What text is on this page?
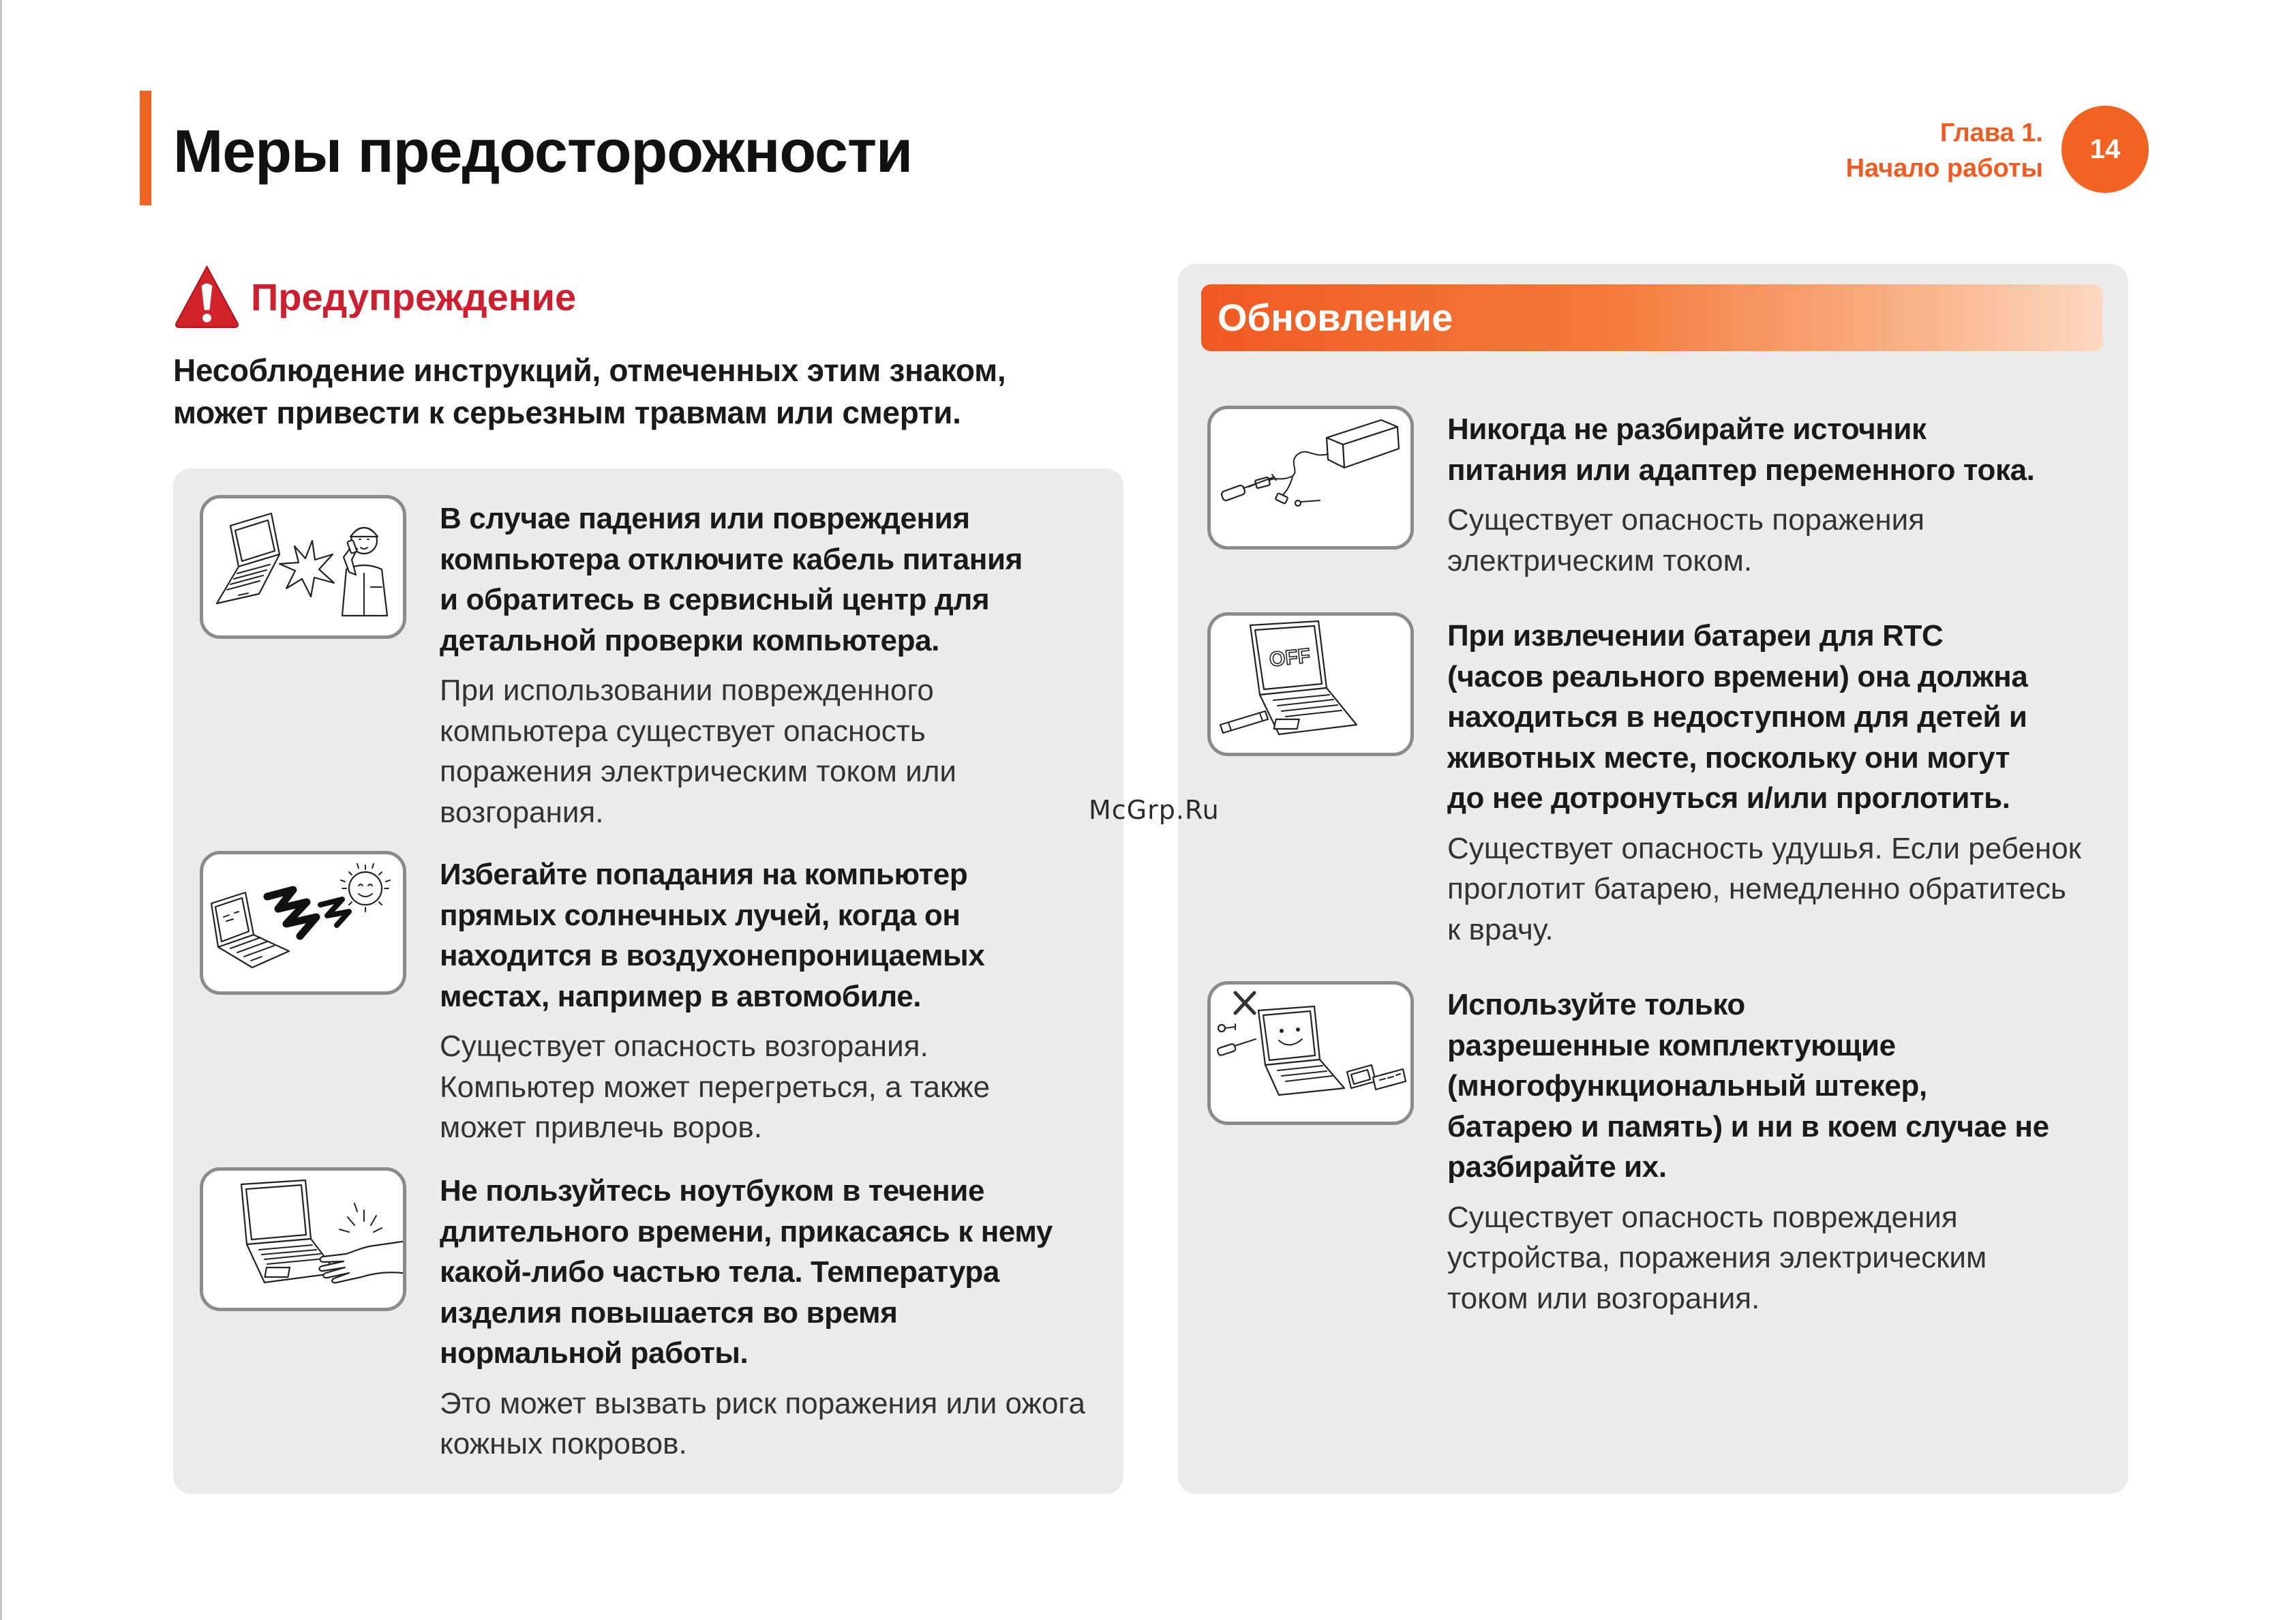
Меры предосторожности	Глава 1.
Начало работы
14
Предупреждение
Несоблюдение инструкций, отмеченных этим знаком,
может привести к серьезным травмам или смерти.
В случае падения или повреждения
компьютера отключите кабель питания
и обратитесь в сервисный центр для
детальной проверки компьютера.
При использовании поврежденного
компьютера существует опасность
поражения электрическим током или
возгорания.
Избегайте попадания на компьютер
прямых солнечных лучей, когда он
находится в воздухонепроницаемых
местах, например в автомобиле.
Существует опасность возгорания.
Компьютер может перегреться, а также
может привлечь воров.
Не пользуйтесь ноутбуком в течение
длительного времени, прикасаясь к нему
какой-либо частью тела. Температура
изделия повышается во время
нормальной работы.
Это может вызвать риск поражения или ожога
кожных покровов.
Обновление
Никогда не разбирайте источник
питания или адаптер переменного тока.
Существует опасность поражения
электрическим током.
OFF
При извлечении батареи для RTC
(часов реального времени) она должна
находиться в недоступном для детей и
животных месте, поскольку они могут
до нее дотронуться и/или проглотить.
Существует опасность удушья. Если ребенок
проглотит батарею, немедленно обратитесь
к врачу.
Используйте только
разрешенные комплектующие
(многофункциональный штекер,
батарею и память) и ни в коем случае не
разбирайте их.
Существует опасность повреждения
устройства, поражения электрическим
током или возгорания.
McGrp.Ru
